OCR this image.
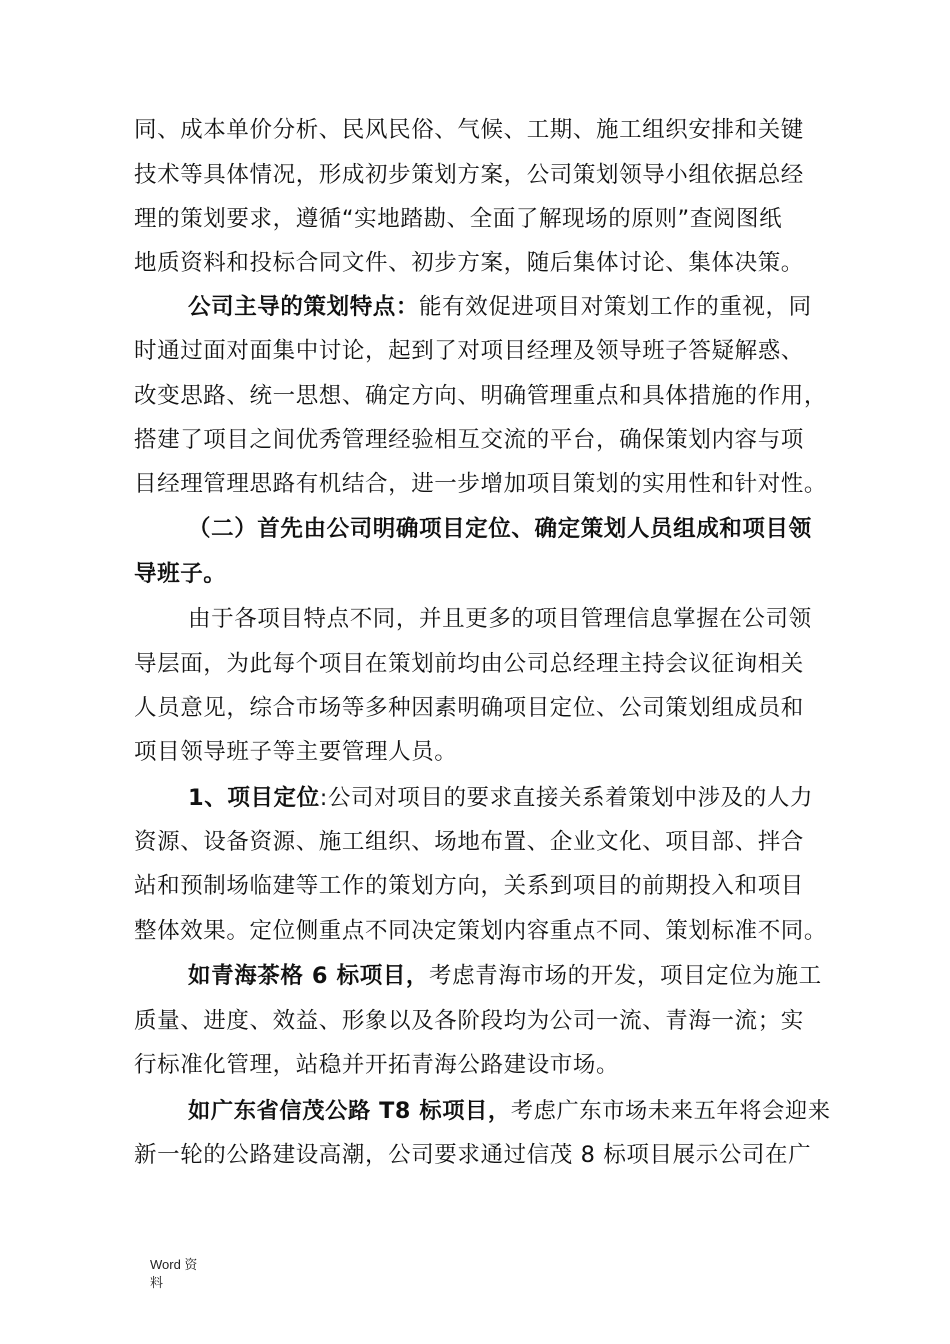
同、成本单价分析、民风民俗、气候、工期、施工组织安排和关键
技术等具体情况，形成初步策划方案，公司策划领导小组依据总经
理的策划要求，遵循“实地踏勘、全面了解现场的原则”查阅图纸
地质资料和投标合同文件、初步方案，随后集体讨论、集体决策。
公司主导的策划特点：能有效促进项目对策划工作的重视，同
时通过面对面集中讨论，起到了对项目经理及领导班子答疑解惑、
改变思路、统一思想、确定方向、明确管理重点和具体措施的作用，
搭建了项目之间优秀管理经验相互交流的平台，确保策划内容与项
目经理管理思路有机结合，进一步增加项目策划的实用性和针对性。
（二）首先由公司明确项目定位、确定策划人员组成和项目领
导班子。
由于各项目特点不同，并且更多的项目管理信息掌握在公司领
导层面，为此每个项目在策划前均由公司总经理主持会议征询相关
人员意见，综合市场等多种因素明确项目定位、公司策划组成员和
项目领导班子等主要管理人员。
1、项目定位:公司对项目的要求直接关系着策划中涉及的人力
资源、设备资源、施工组织、场地布置、企业文化、项目部、拌合
站和预制场临建等工作的策划方向，关系到项目的前期投入和项目
整体效果。定位侧重点不同决定策划内容重点不同、策划标准不同。
如青海茶格 6 标项目，考虑青海市场的开发，项目定位为施工
质量、进度、效益、形象以及各阶段均为公司一流、青海一流；实
行标准化管理，站稳并开拓青海公路建设市场。
如广东省信茂公路 T8 标项目，考虑广东市场未来五年将会迎来
新一轮的公路建设高潮，公司要求通过信茂 8 标项目展示公司在广
Word 资
料
